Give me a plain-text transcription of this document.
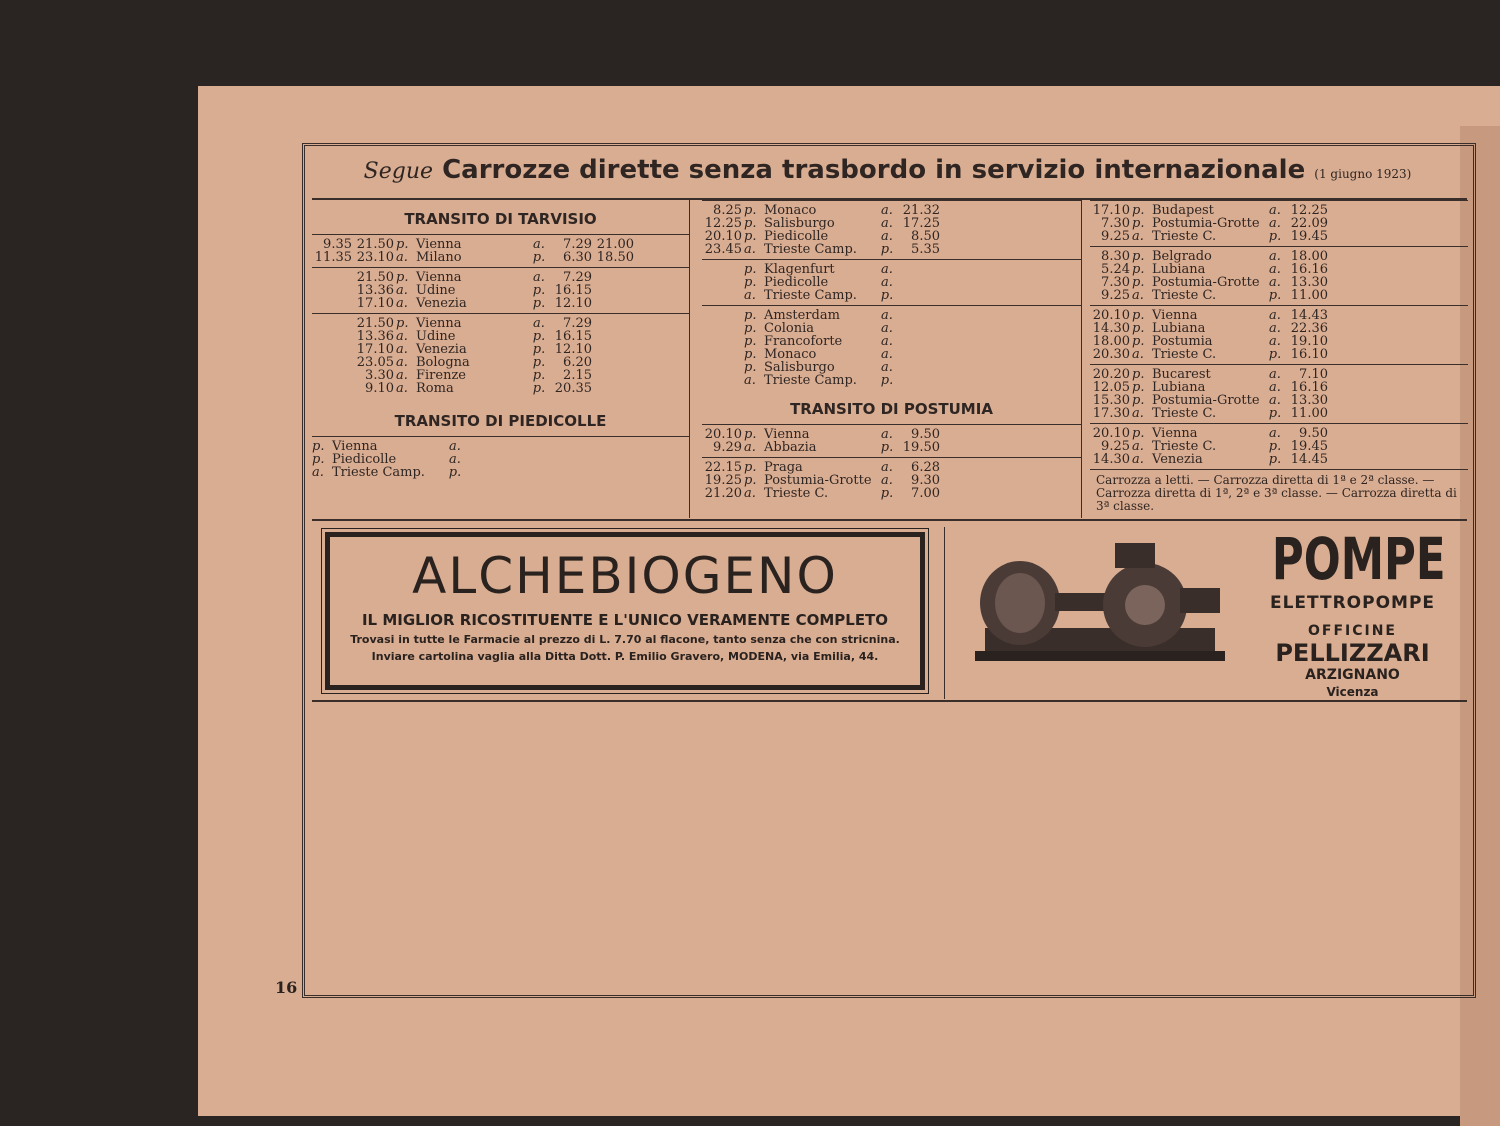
Segue Carrozze dirette senza trasbordo in servizio internazionale (1 giugno 1923)
TRANSITO DI TARVISIO
9.35 21.50 p. Vienna	a.	7.29 21.00
11.35 23.10 a. Milano	p.	6.30 18.50
21.50 p. Vienna	a.	7.29
13.36 a. Udine	p. 16.15
17.10 a. Venezia	p. 12.10
21.50 p. Vienna	a.	7.29
13.36 a. Udine	p. 16.15
17.10 a. Venezia	p. 12.10
23.05 a. Bologna	p.	6.20
3.30 a. Firenze	p.	2.15
9.10 a. Roma	p. 20.35
TRANSITO DI PIEDICOLLE
p. Vienna	a.
p. Piedicolle	a.
a. Trieste Camp.	p.
8.25 p. Monaco	a. 21.32
12.25 p. Salisburgo	a. 17.25
20.10 p. Piedicolle	a.	8.50
23.45 a. Trieste Camp.	p.	5.35
p. Klagenfurt	a.
p. Piedicolle	a.
a. Trieste Camp.	p.
p. Amsterdam	a.
p. Colonia	a.
p. Francoforte	a.
p. Monaco	a.
p. Salisburgo	a.
a. Trieste Camp.	p.
TRANSITO DI POSTUMIA
20.10 p. Vienna	a.	9.50
9.29 a. Abbazia	p. 19.50
22.15 p. Praga	a.	6.28
19.25 p. Postumia-Grotte a.	9.30
21.20 a. Trieste C.	p.	7.00
17.10 p. Budapest	a. 12.25
7.30 p. Postumia-Grotte a. 22.09
9.25 a. Trieste C.	p. 19.45
8.30 p. Belgrado	a. 18.00
5.24 p. Lubiana	a. 16.16
7.30 p. Postumia-Grotte a. 13.30
9.25 a. Trieste C.	p. 11.00
20.10 p. Vienna	a. 14.43
14.30 p. Lubiana	a. 22.36
18.00 p. Postumia	a. 19.10
20.30 a. Trieste C.	p. 16.10
20.20 p. Bucarest	a.	7.10
12.05 p. Lubiana	a. 16.16
15.30 p. Postumia-Grotte a. 13.30
17.30 a. Trieste C.	p. 11.00
20.10 p. Vienna	a.	9.50
9.25 a. Trieste C.	p. 19.45
14.30 a. Venezia	p. 14.45
Carrozza a letti. — Carrozza diretta di 1ª e 2ª classe. — Carrozza diretta di 1ª, 2ª e 3ª classe. — Carrozza diretta di 3ª classe.
ALCHEBIOGENO
IL MIGLIOR RICOSTITUENTE E L'UNICO VERAMENTE COMPLETO
Trovasi in tutte le Farmacie al prezzo di L. 7.70 al flacone, tanto senza che con stricnina.
Inviare cartolina vaglia alla Ditta Dott. P. Emilio Gravero, MODENA, via Emilia, 44.
POMPE
ELETTROPOMPE
OFFICINE
PELLIZZARI
ARZIGNANO
Vicenza
16
